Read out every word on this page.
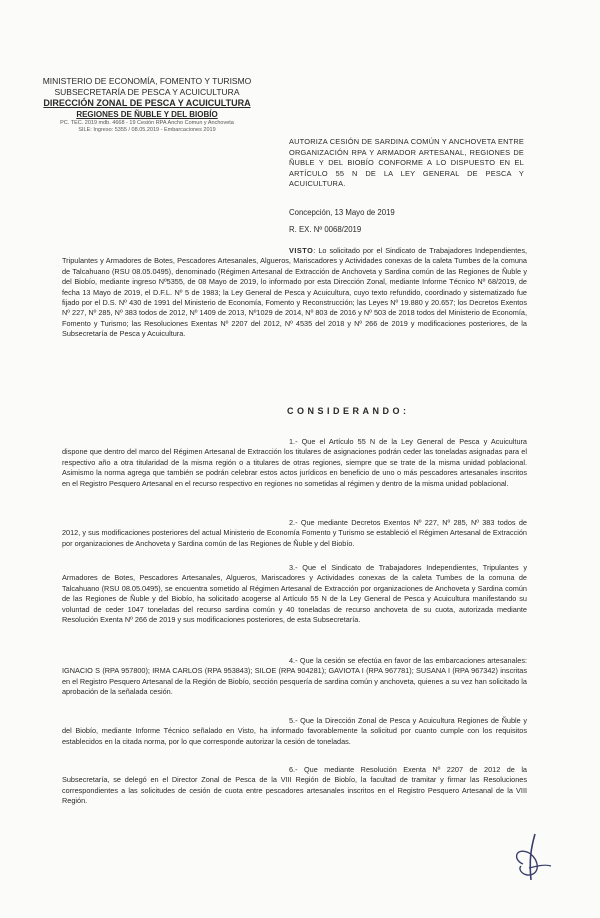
MINISTERIO DE ECONOMÍA, FOMENTO Y TURISMO
SUBSECRETARÍA DE PESCA Y ACUICULTURA
DIRECCIÓN ZONAL DE PESCA Y ACUICULTURA
REGIONES DE ÑUBLE Y DEL BIOBÍO
PC. TEC. 2019 mdb. 4668 - 19 Cesión RPA Ancho Comun y Anchoveta
SILE: Ingreso: 5355 / 08.05.2019 - Embarcaciones 2019
AUTORIZA CESIÓN DE SARDINA COMÚN Y ANCHOVETA ENTRE ORGANIZACIÓN RPA Y ARMADOR ARTESANAL, REGIONES DE ÑUBLE Y DEL BIOBÍO CONFORME A LO DISPUESTO EN EL ARTÍCULO 55 N DE LA LEY GENERAL DE PESCA Y ACUICULTURA.
Concepción, 13 Mayo de 2019
R. EX. Nº 0068/2019

VISTO: Lo solicitado por el Sindicato de Trabajadores Independientes, Tripulantes y Armadores de Botes, Pescadores Artesanales, Algueros, Mariscadores y Actividades conexas de la caleta Tumbes de la comuna de Talcahuano (RSU 08.05.0495), denominado (Régimen Artesanal de Extracción de Anchoveta y Sardina común de las Regiones de Ñuble y del Biobío, mediante ingreso Nº5355, de 08 Mayo de 2019, lo informado por esta Dirección Zonal, mediante Informe Técnico Nº 68/2019, de fecha 13 Mayo de 2019, el D.F.L. Nº 5 de 1983; la Ley General de Pesca y Acuicultura, cuyo texto refundido, coordinado y sistematizado fue fijado por el D.S. Nº 430 de 1991 del Ministerio de Economía, Fomento y Reconstrucción; las Leyes Nº 19.880 y 20.657; los Decretos Exentos Nº 227, Nº 285, Nº 383 todos de 2012, Nº 1409 de 2013, Nº1029 de 2014, Nº 803 de 2016 y Nº 503 de 2018 todos del Ministerio de Economía, Fomento y Turismo; las Resoluciones Exentas Nº 2207 del 2012, Nº 4535 del 2018 y Nº 266 de 2019 y modificaciones posteriores, de la Subsecretaría de Pesca y Acuicultura.

CONSIDERANDO:

1.- Que el Artículo 55 N de la Ley General de Pesca y Acuicultura dispone que dentro del marco del Régimen Artesanal de Extracción los titulares de asignaciones podrán ceder las toneladas asignadas para el respectivo año a otra titularidad de la misma región o a titulares de otras regiones, siempre que se trate de la misma unidad poblacional. Asimismo la norma agrega que también se podrán celebrar estos actos jurídicos en beneficio de uno o más pescadores artesanales inscritos en el Registro Pesquero Artesanal en el recurso respectivo en regiones no sometidas al régimen y dentro de la misma unidad poblacional.

2.- Que mediante Decretos Exentos Nº 227, Nº 285, Nº 383 todos de 2012, y sus modificaciones posteriores del actual Ministerio de Economía Fomento y Turismo se estableció el Régimen Artesanal de Extracción por organizaciones de Anchoveta y Sardina común de las Regiones de Ñuble y del Biobío.

3.- Que el Sindicato de Trabajadores Independientes, Tripulantes y Armadores de Botes, Pescadores Artesanales, Algueros, Mariscadores y Actividades conexas de la caleta Tumbes de la comuna de Talcahuano (RSU 08.05.0495), se encuentra sometido al Régimen Artesanal de Extracción por organizaciones de Anchoveta y Sardina común de las Regiones de Ñuble y del Biobío, ha solicitado acogerse al Artículo 55 N de la Ley General de Pesca y Acuicultura manifestando su voluntad de ceder 1047 toneladas del recurso sardina común y 40 toneladas de recurso anchoveta de su cuota, autorizada mediante Resolución Exenta Nº 266 de 2019 y sus modificaciones posteriores, de esta Subsecretaría.

4.- Que la cesión se efectúa en favor de las embarcaciones artesanales: IGNACIO S (RPA 957800); IRMA CARLOS (RPA 953843); SILOE (RPA 904281); GAVIOTA I (RPA 967781); SUSANA I (RPA 967342) inscritas en el Registro Pesquero Artesanal de la Región de Biobío, sección pesquería de sardina común y anchoveta, quienes a su vez han solicitado la aprobación de la señalada cesión.

5.- Que la Dirección Zonal de Pesca y Acuicultura Regiones de Ñuble y del Biobío, mediante Informe Técnico señalado en Visto, ha informado favorablemente la solicitud por cuanto cumple con los requisitos establecidos en la citada norma, por lo que corresponde autorizar la cesión de toneladas.

6.- Que mediante Resolución Exenta Nº 2207 de 2012 de la Subsecretaría, se delegó en el Director Zonal de Pesca de la VIII Región de Biobío, la facultad de tramitar y firmar las Resoluciones correspondientes a las solicitudes de cesión de cuota entre pescadores artesanales inscritos en el Registro Pesquero Artesanal de la VIII Región.
